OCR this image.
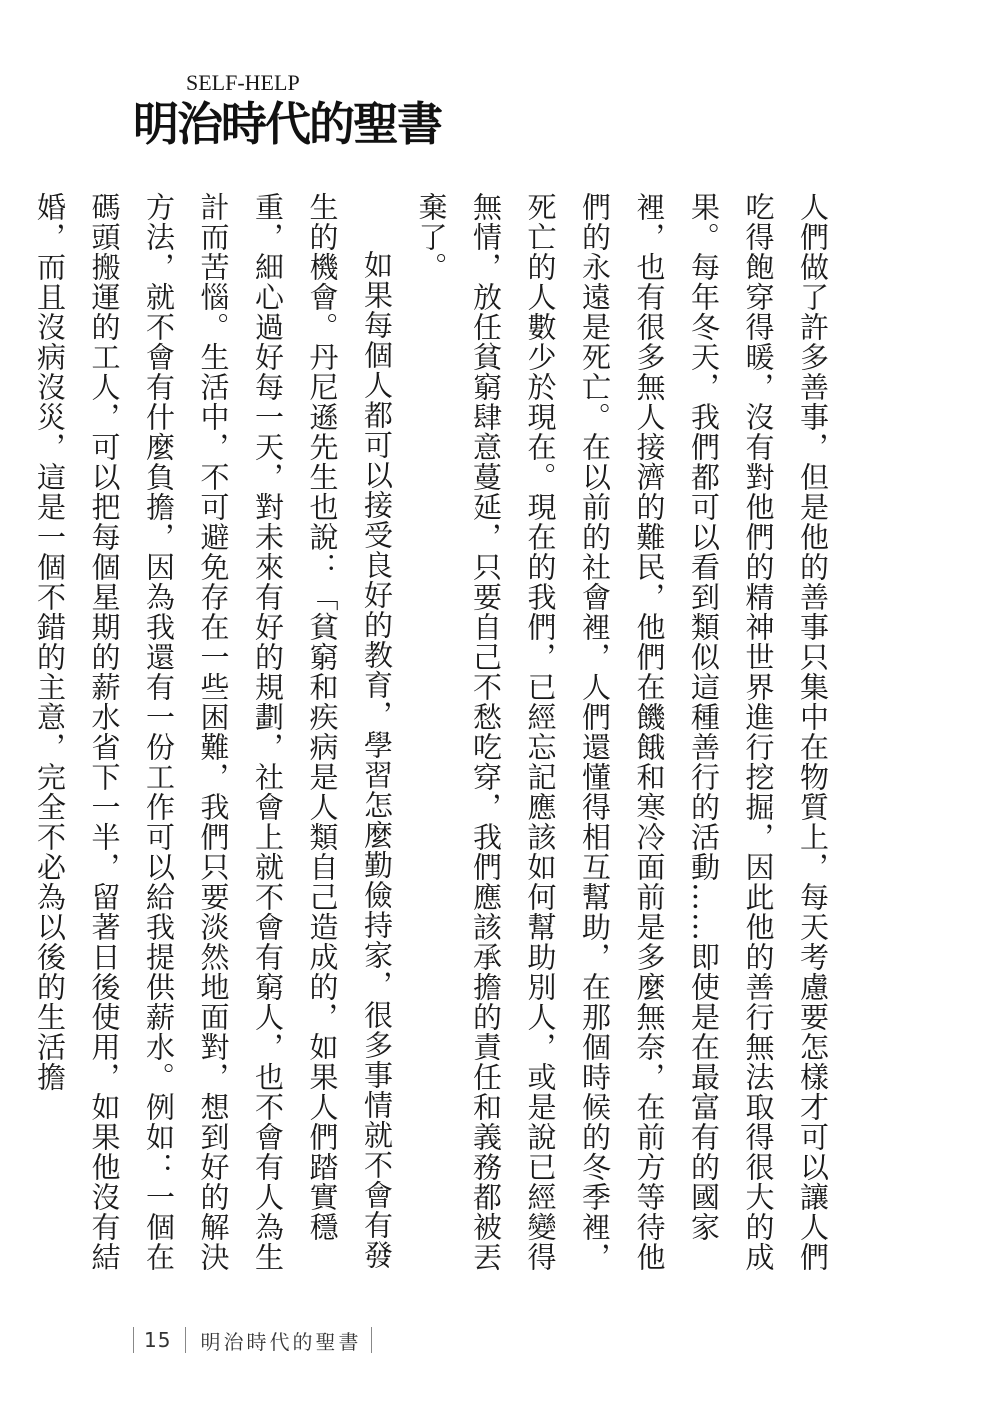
SELF-HELP
明治時代的聖書

人們做了許多善事，但是他的善事只集中在物質上，每天考慮要怎樣才可以讓人們吃得飽穿得暖，沒有對他們的精神世界進行挖掘，因此他的善行無法取得很大的成果。每年冬天，我們都可以看到類似這種善行的活動……即使是在最富有的國家裡，也有很多無人接濟的難民，他們在饑餓和寒冷面前是多麼無奈，在前方等待他們的永遠是死亡。在以前的社會裡，人們還懂得相互幫助，在那個時候的冬季裡，死亡的人數少於現在。現在的我們，已經忘記應該如何幫助別人，或是說已經變得無情，放任貧窮肆意蔓延，只要自己不愁吃穿，我們應該承擔的責任和義務都被丟棄了。

如果每個人都可以接受良好的教育，學習怎麼勤儉持家，很多事情就不會有發生的機會。丹尼遜先生也說：「貧窮和疾病是人類自己造成的，如果人們踏實穩重，細心過好每一天，對未來有好的規劃，社會上就不會有窮人，也不會有人為生計而苦惱。生活中，不可避免存在一些困難，我們只要淡然地面對，想到好的解決方法，就不會有什麼負擔，因為我還有一份工作可以給我提供薪水。例如：一個在碼頭搬運的工人，可以把每個星期的薪水省下一半，留著日後使用，如果他沒有結婚，而且沒病沒災，這是一個不錯的主意，完全不必為以後的生活擔

15	明治時代的聖書
